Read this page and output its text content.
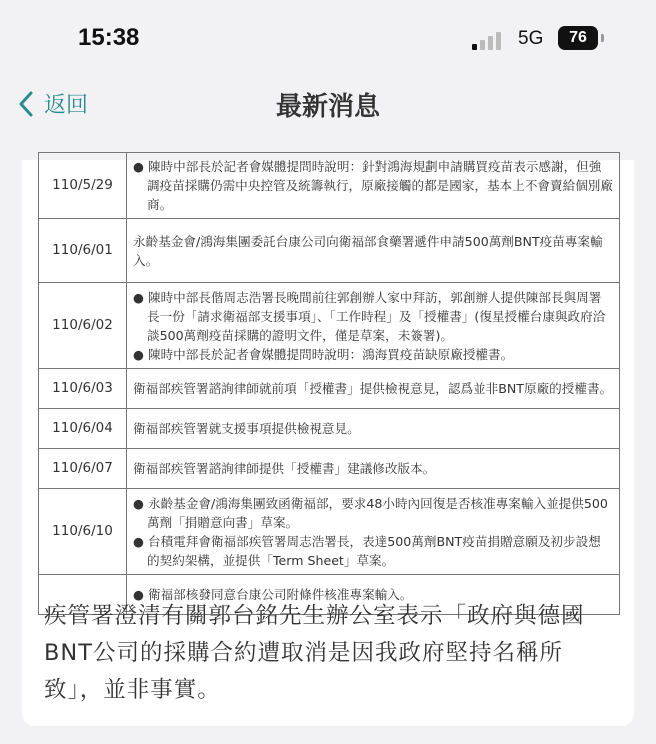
15:38	5G	76
返回	最新消息
110/5/29	● 陳時中部長於記者會媒體提問時說明：針對鴻海規劃申請購買疫苗表示感謝，但強調疫苗採購仍需中央控管及統籌執行，原廠接觸的都是國家，基本上不會賣給個別廠商。

110/6/01	永齡基金會/鴻海集團委託台康公司向衛福部食藥署遞件申請500萬劑BNT疫苗專案輸入。

110/6/02	● 陳時中部長偕周志浩署長晚間前往郭創辦人家中拜訪，郭創辦人提供陳部長與周署長一份「請求衛福部支援事項」、「工作時程」及「授權書」(復星授權台康與政府洽談500萬劑疫苗採購的證明文件，僅是草案，未簽署)。
● 陳時中部長於記者會媒體提問時說明：鴻海買疫苗缺原廠授權書。

110/6/03	衛福部疾管署諮詢律師就前項「授權書」提供檢視意見，認爲並非BNT原廠的授權書。

110/6/04	衛福部疾管署就支援事項提供檢視意見。

110/6/07	衛福部疾管署諮詢律師提供「授權書」建議修改版本。

110/6/10	● 永齡基金會/鴻海集團致函衛福部，要求48小時內回復是否核准專案輸入並提供500萬劑「捐贈意向書」草案。
● 台積電拜會衛福部疾管署周志浩署長，表達500萬劑BNT疫苗捐贈意願及初步設想的契約架構，並提供「Term Sheet」草案。

	● 衛福部核發同意台康公司附條件核准專案輸入。
疾管署澄清有關郭台銘先生辦公室表示「政府與德國BNT公司的採購合約遭取消是因我政府堅持名稱所致」，並非事實。
